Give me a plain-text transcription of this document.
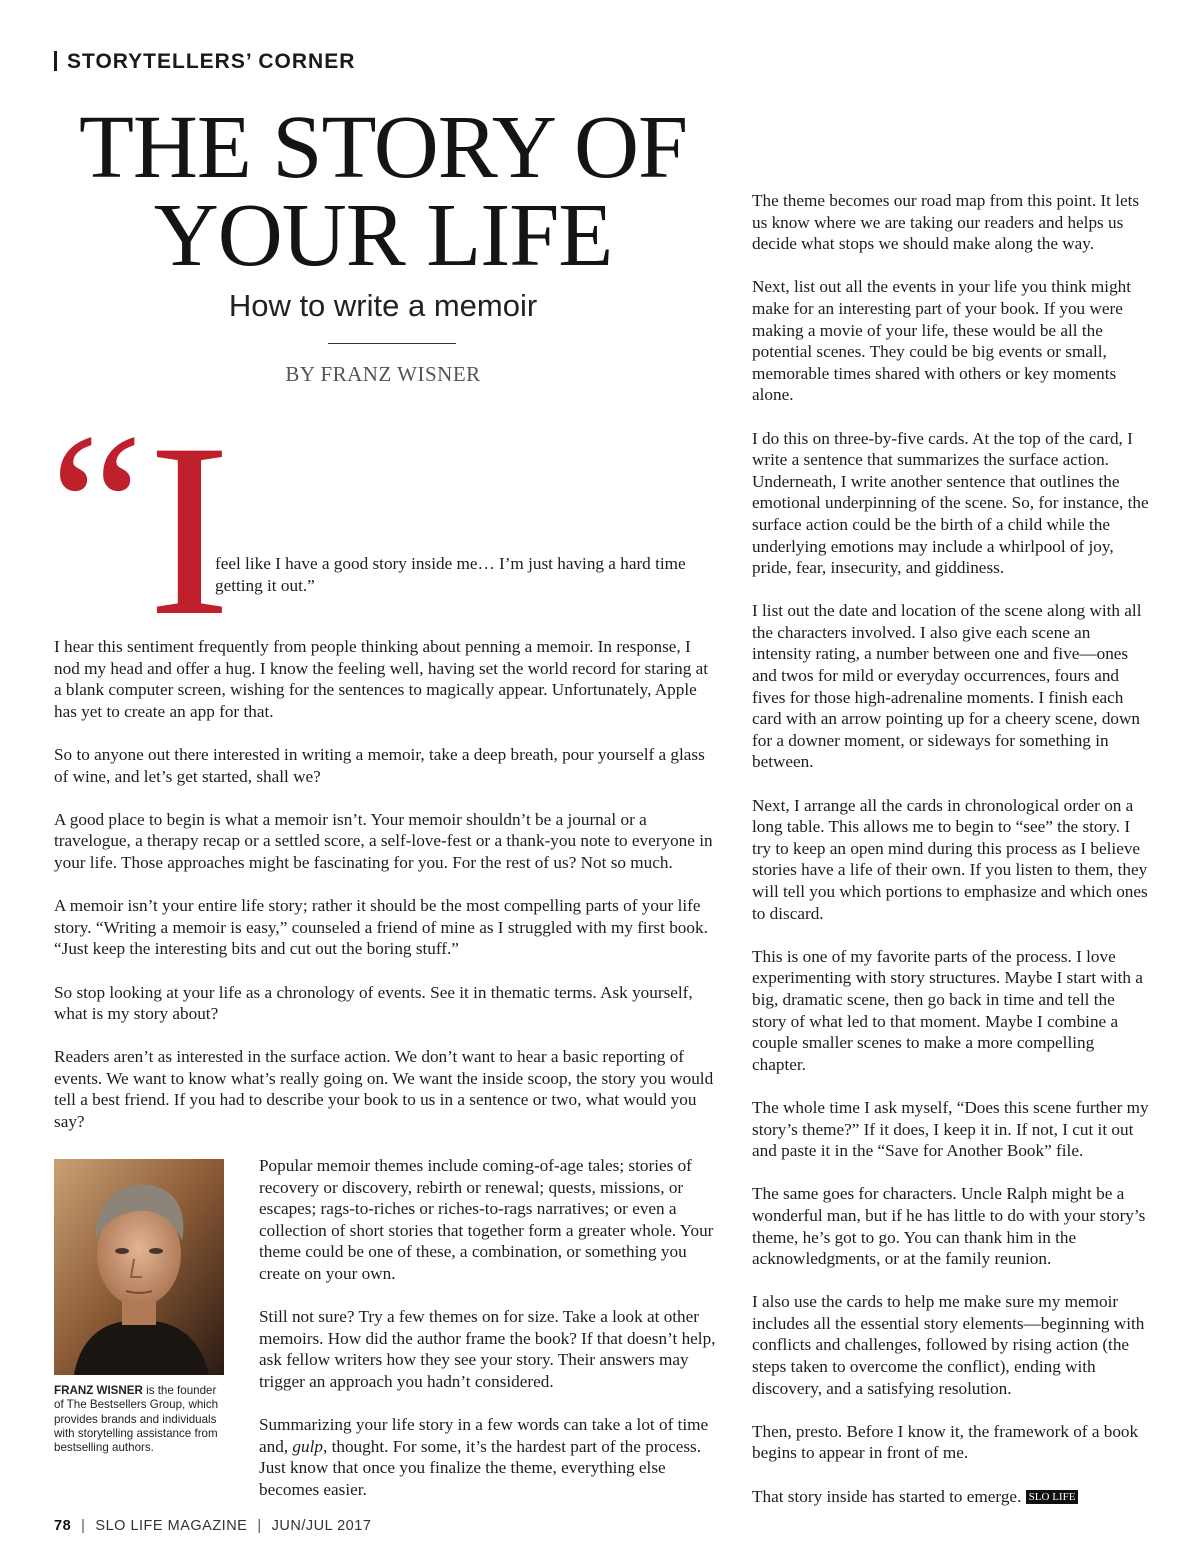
STORYTELLERS’ CORNER
THE STORY OF
YOUR LIFE
How to write a memoir
BY FRANZ WISNER
“ I

feel like I have a good story inside me… I’m just having a hard time getting it out.”

I hear this sentiment frequently from people thinking about penning a memoir. In response, I nod my head and offer a hug. I know the feeling well, having set the world record for staring at a blank computer screen, wishing for the sentences to magically appear. Unfortunately, Apple has yet to create an app for that.

So to anyone out there interested in writing a memoir, take a deep breath, pour yourself a glass of wine, and let’s get started, shall we?

A good place to begin is what a memoir isn’t. Your memoir shouldn’t be a journal or a travelogue, a therapy recap or a settled score, a self-love-fest or a thank-you note to everyone in your life. Those approaches might be fascinating for you. For the rest of us? Not so much.

A memoir isn’t your entire life story; rather it should be the most compelling parts of your life story. “Writing a memoir is easy,” counseled a friend of mine as I struggled with my first book. “Just keep the interesting bits and cut out the boring stuff.”

So stop looking at your life as a chronology of events. See it in thematic terms. Ask yourself, what is my story about?

Readers aren’t as interested in the surface action. We don’t want to hear a basic reporting of events. We want to know what’s really going on. We want the inside scoop, the story you would tell a best friend. If you had to describe your book to us in a sentence or two, what would you say?

FRANZ WISNER is the founder of The Bestsellers Group, which provides brands and individuals with storytelling assistance from bestselling authors.

Popular memoir themes include coming-of-age tales; stories of recovery or discovery, rebirth or renewal; quests, missions, or escapes; rags-to-riches or riches-to-rags narratives; or even a collection of short stories that together form a greater whole. Your theme could be one of these, a combination, or something you create on your own.

Still not sure? Try a few themes on for size. Take a look at other memoirs. How did the author frame the book? If that doesn’t help, ask fellow writers how they see your story. Their answers may trigger an approach you hadn’t considered.

Summarizing your life story in a few words can take a lot of time and, gulp, thought. For some, it’s the hardest part of the process. Just know that once you finalize the theme, everything else becomes easier.

The theme becomes our road map from this point. It lets us know where we are taking our readers and helps us decide what stops we should make along the way.

Next, list out all the events in your life you think might make for an interesting part of your book. If you were making a movie of your life, these would be all the potential scenes. They could be big events or small, memorable times shared with others or key moments alone.

I do this on three-by-five cards. At the top of the card, I write a sentence that summarizes the surface action. Underneath, I write another sentence that outlines the emotional underpinning of the scene. So, for instance, the surface action could be the birth of a child while the underlying emotions may include a whirlpool of joy, pride, fear, insecurity, and giddiness.

I list out the date and location of the scene along with all the characters involved. I also give each scene an intensity rating, a number between one and five—ones and twos for mild or everyday occurrences, fours and fives for those high-adrenaline moments. I finish each card with an arrow pointing up for a cheery scene, down for a downer moment, or sideways for something in between.

Next, I arrange all the cards in chronological order on a long table. This allows me to begin to “see” the story. I try to keep an open mind during this process as I believe stories have a life of their own. If you listen to them, they will tell you which portions to emphasize and which ones to discard.

This is one of my favorite parts of the process. I love experimenting with story structures. Maybe I start with a big, dramatic scene, then go back in time and tell the story of what led to that moment. Maybe I combine a couple smaller scenes to make a more compelling chapter.

The whole time I ask myself, “Does this scene further my story’s theme?” If it does, I keep it in. If not, I cut it out and paste it in the “Save for Another Book” file.

The same goes for characters. Uncle Ralph might be a wonderful man, but if he has little to do with your story’s theme, he’s got to go. You can thank him in the acknowledgments, or at the family reunion.

I also use the cards to help me make sure my memoir includes all the essential story elements—beginning with conflicts and challenges, followed by rising action (the steps taken to overcome the conflict), ending with discovery, and a satisfying resolution.

Then, presto. Before I know it, the framework of a book begins to appear in front of me.

That story inside has started to emerge. SLO LIFE

78 | SLO LIFE MAGAZINE | JUN/JUL 2017
